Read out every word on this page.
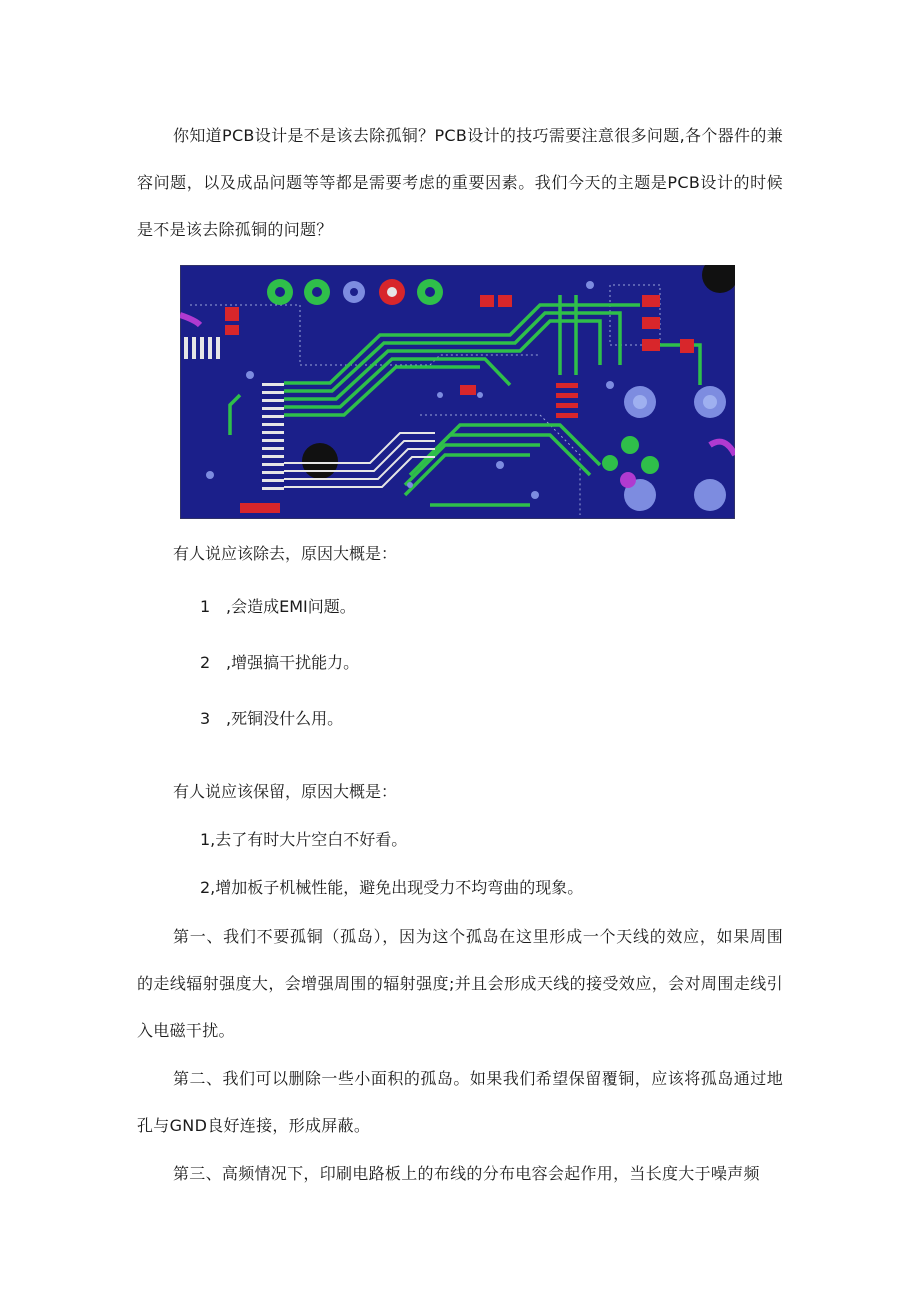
你知道PCB设计是不是该去除孤铜？PCB设计的技巧需要注意很多问题,各个器件的兼容问题，以及成品问题等等都是需要考虑的重要因素。我们今天的主题是PCB设计的时候是不是该去除孤铜的问题？

有人说应该除去，原因大概是：

1 ,会造成EMI问题。

2 ,增强搞干扰能力。

3 ,死铜没什么用。

有人说应该保留，原因大概是：

1,去了有时大片空白不好看。

2,增加板子机械性能，避免出现受力不均弯曲的现象。

第一、我们不要孤铜（孤岛），因为这个孤岛在这里形成一个天线的效应，如果周围的走线辐射强度大，会增强周围的辐射强度;并且会形成天线的接受效应，会对周围走线引入电磁干扰。

第二、我们可以删除一些小面积的孤岛。如果我们希望保留覆铜，应该将孤岛通过地孔与GND良好连接，形成屏蔽。

第三、高频情况下，印刷电路板上的布线的分布电容会起作用，当长度大于噪声频
